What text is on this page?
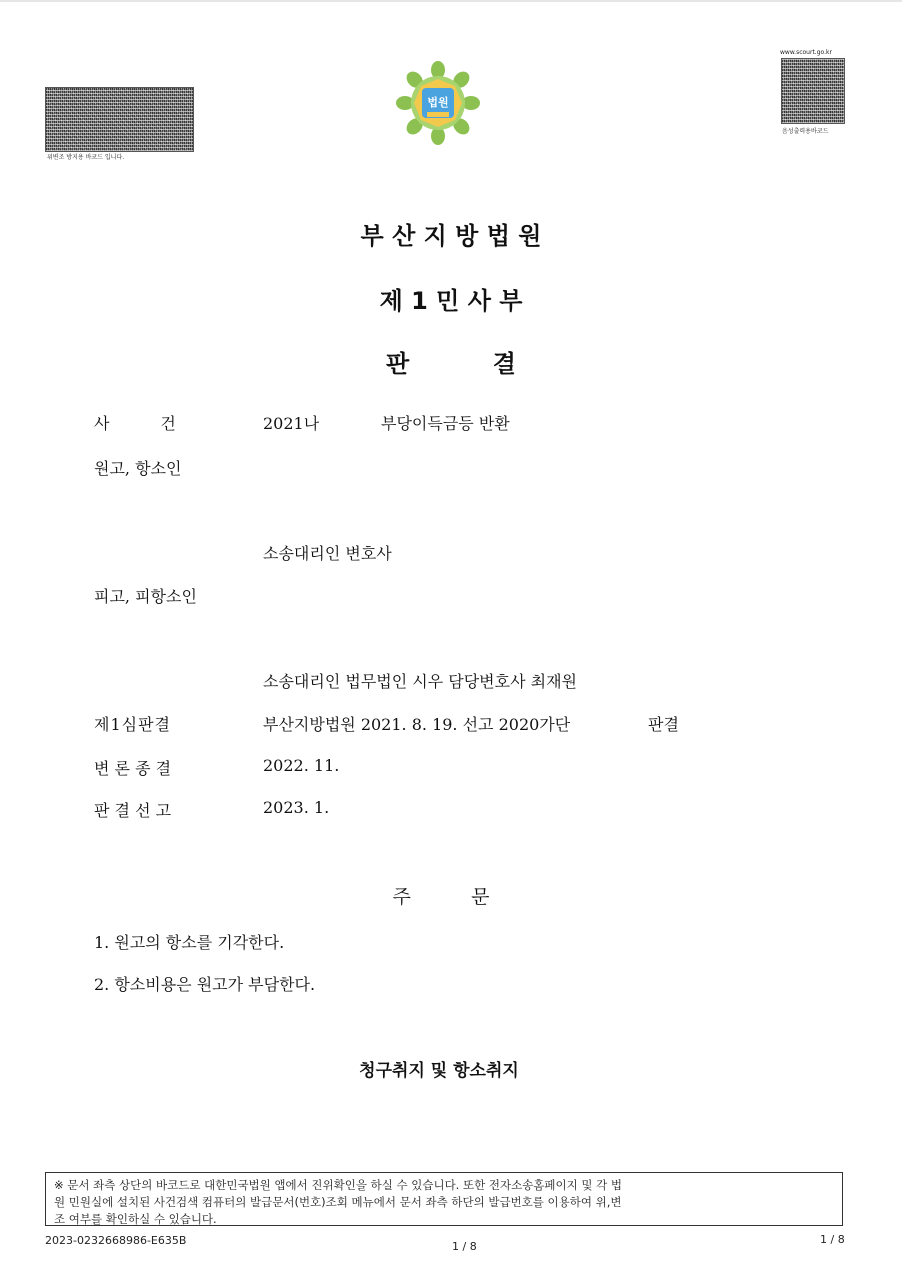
위변조 방지용 바코드 입니다.
법원
www.scourt.go.kr
음성출력용바코드
부 산 지 방 법 원
제 1 민 사 부
판          결
사          건	2021나	부당이득금등 반환
원고, 항소인
소송대리인 변호사
피고, 피항소인
소송대리인 법무법인 시우 담당변호사 최재원
제1심판결	부산지방법원 2021. 8. 19. 선고 2020가단	판결
변 론 종 결	2022. 11.
판 결 선 고	2023. 1.
주          문
1. 원고의 항소를 기각한다.
2. 항소비용은 원고가 부담한다.
청구취지 및 항소취지
※ 문서 좌측 상단의 바코드로 대한민국법원 앱에서 진위확인을 하실 수 있습니다. 또한 전자소송홈페이지 및 각 법
원 민원실에 설치된 사건검색 컴퓨터의 발급문서(번호)조회 메뉴에서 문서 좌측 하단의 발급번호를 이용하여 위,변
조 여부를 확인하실 수 있습니다.
2023-0232668986-E635B	1 / 8
1 / 8
